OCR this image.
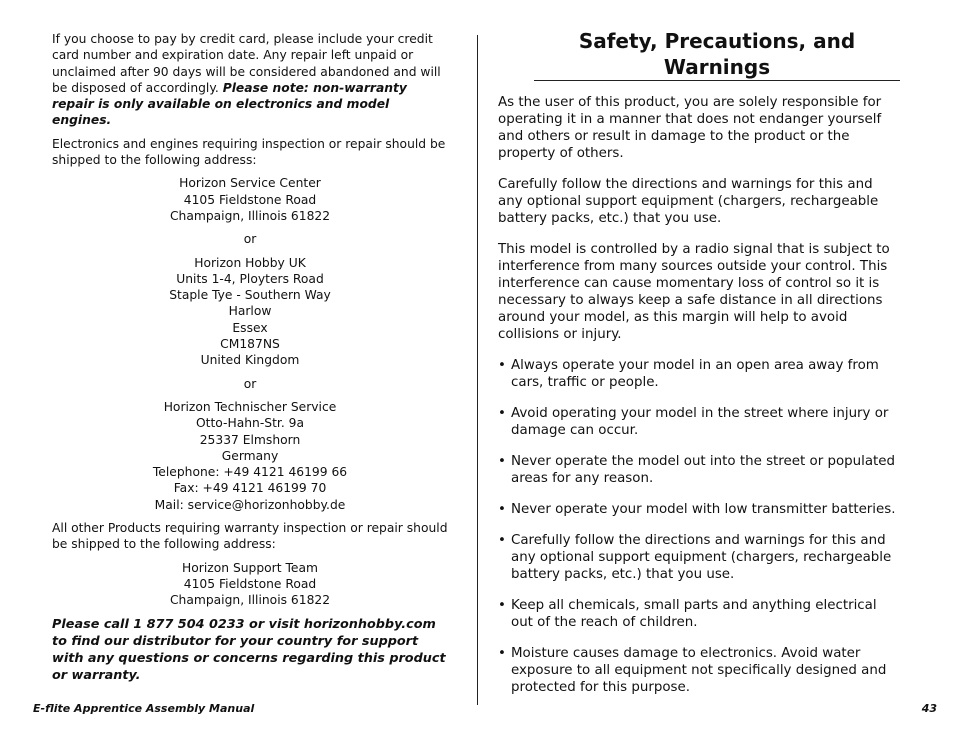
If you choose to pay by credit card, please include your credit card number and expiration date. Any repair left unpaid or unclaimed after 90 days will be considered abandoned and will be disposed of accordingly. Please note: non-warranty repair is only available on electronics and model engines.

Electronics and engines requiring inspection or repair should be shipped to the following address:

Horizon Service Center
4105 Fieldstone Road
Champaign, Illinois 61822
or
Horizon Hobby UK
Units 1-4, Ployters Road
Staple Tye - Southern Way
Harlow
Essex
CM187NS
United Kingdom
or
Horizon Technischer Service
Otto-Hahn-Str. 9a
25337 Elmshorn
Germany
Telephone: +49 4121 46199 66
Fax: +49 4121 46199 70
Mail: service@horizonhobby.de

All other Products requiring warranty inspection or repair should be shipped to the following address:

Horizon Support Team
4105 Fieldstone Road
Champaign, Illinois 61822

Please call 1 877 504 0233 or visit horizonhobby.com to find our distributor for your country for support with any questions or concerns regarding this product or warranty.

Safety, Precautions, and Warnings

As the user of this product, you are solely responsible for operating it in a manner that does not endanger yourself and others or result in damage to the product or the property of others.

Carefully follow the directions and warnings for this and any optional support equipment (chargers, rechargeable battery packs, etc.) that you use.

This model is controlled by a radio signal that is subject to interference from many sources outside your control. This interference can cause momentary loss of control so it is necessary to always keep a safe distance in all directions around your model, as this margin will help to avoid collisions or injury.

• Always operate your model in an open area away from cars, traffic or people.
• Avoid operating your model in the street where injury or damage can occur.
• Never operate the model out into the street or populated areas for any reason.
• Never operate your model with low transmitter batteries.
• Carefully follow the directions and warnings for this and any optional support equipment (chargers, rechargeable battery packs, etc.) that you use.
• Keep all chemicals, small parts and anything electrical out of the reach of children.
• Moisture causes damage to electronics. Avoid water exposure to all equipment not specifically designed and protected for this purpose.
E-flite Apprentice Assembly Manual	43
